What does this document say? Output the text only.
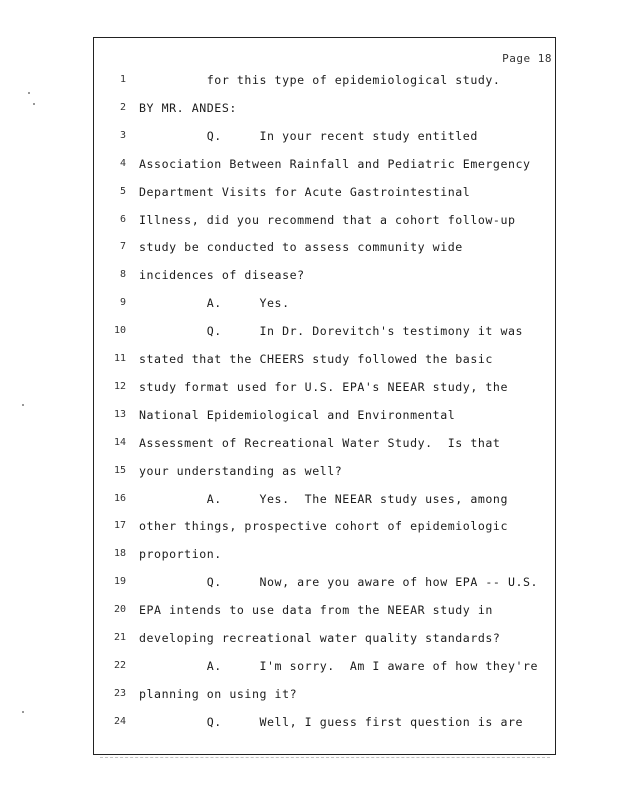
Page 18
1 for this type of epidemiological study.
2 BY MR. ANDES:
3 Q.     In your recent study entitled
4 Association Between Rainfall and Pediatric Emergency
5 Department Visits for Acute Gastrointestinal
6 Illness, did you recommend that a cohort follow-up
7 study be conducted to assess community wide
8 incidences of disease?
9 A.     Yes.
10 Q.     In Dr. Dorevitch's testimony it was
11 stated that the CHEERS study followed the basic
12 study format used for U.S. EPA's NEEAR study, the
13 National Epidemiological and Environmental
14 Assessment of Recreational Water Study.  Is that
15 your understanding as well?
16 A.     Yes.  The NEEAR study uses, among
17 other things, prospective cohort of epidemiologic
18 proportion.
19 Q.     Now, are you aware of how EPA -- U.S.
20 EPA intends to use data from the NEEAR study in
21 developing recreational water quality standards?
22 A.     I'm sorry.  Am I aware of how they're
23 planning on using it?
24 Q.     Well, I guess first question is are
